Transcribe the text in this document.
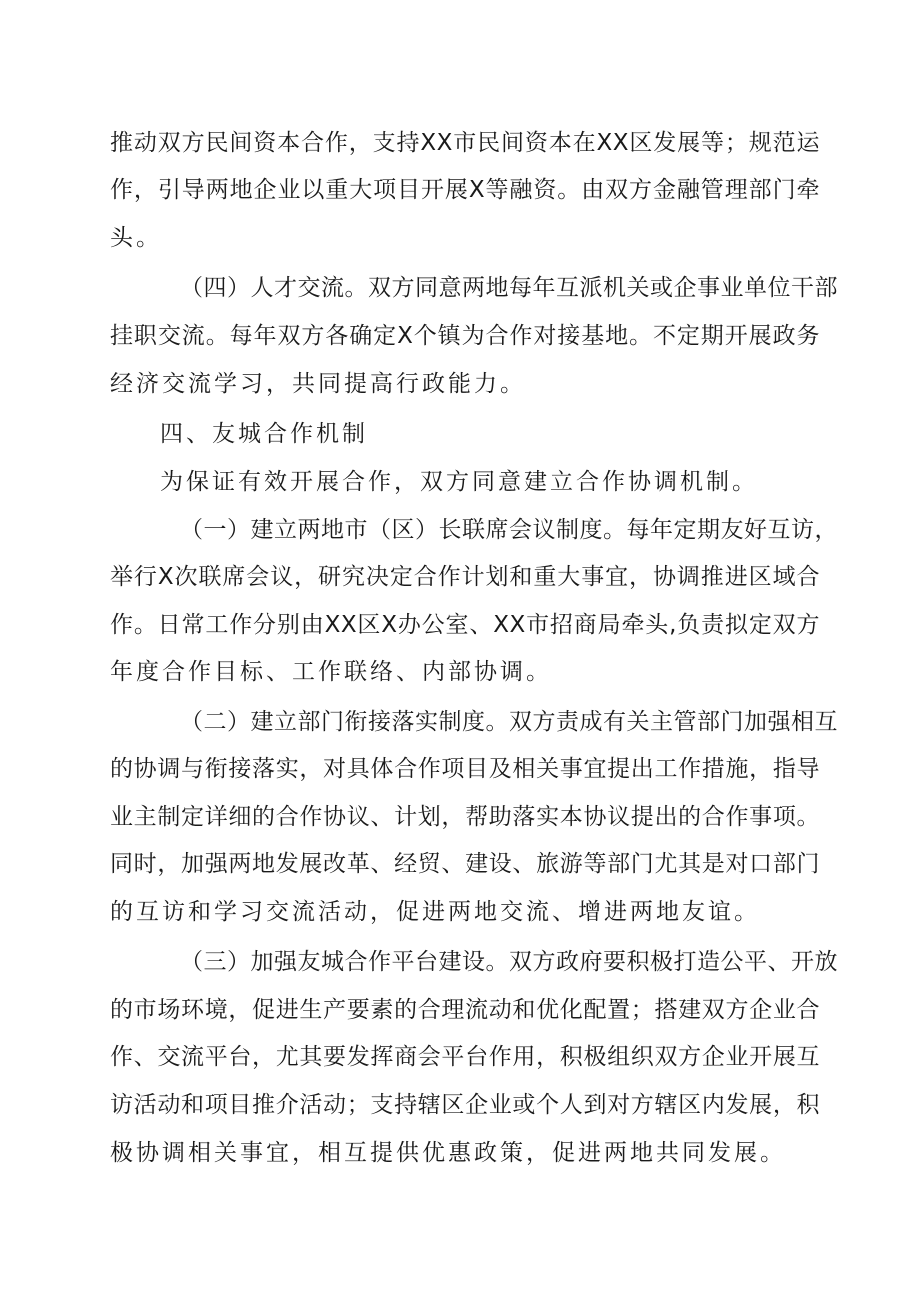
推动双方民间资本合作，支持XX市民间资本在XX区发展等；规范运
作，引导两地企业以重大项目开展X等融资。由双方金融管理部门牵
头。
（四）人才交流。双方同意两地每年互派机关或企事业单位干部
挂职交流。每年双方各确定X个镇为合作对接基地。不定期开展政务
经济交流学习，共同提高行政能力。
四、友城合作机制
为保证有效开展合作，双方同意建立合作协调机制。
（一）建立两地市（区）长联席会议制度。每年定期友好互访，
举行X次联席会议，研究决定合作计划和重大事宜，协调推进区域合
作。日常工作分别由XX区X办公室、XX市招商局牵头,负责拟定双方
年度合作目标、工作联络、内部协调。
（二）建立部门衔接落实制度。双方责成有关主管部门加强相互
的协调与衔接落实，对具体合作项目及相关事宜提出工作措施，指导
业主制定详细的合作协议、计划，帮助落实本协议提出的合作事项。
同时，加强两地发展改革、经贸、建设、旅游等部门尤其是对口部门
的互访和学习交流活动，促进两地交流、增进两地友谊。
（三）加强友城合作平台建设。双方政府要积极打造公平、开放
的市场环境，促进生产要素的合理流动和优化配置；搭建双方企业合
作、交流平台，尤其要发挥商会平台作用，积极组织双方企业开展互
访活动和项目推介活动；支持辖区企业或个人到对方辖区内发展，积
极协调相关事宜，相互提供优惠政策，促进两地共同发展。
